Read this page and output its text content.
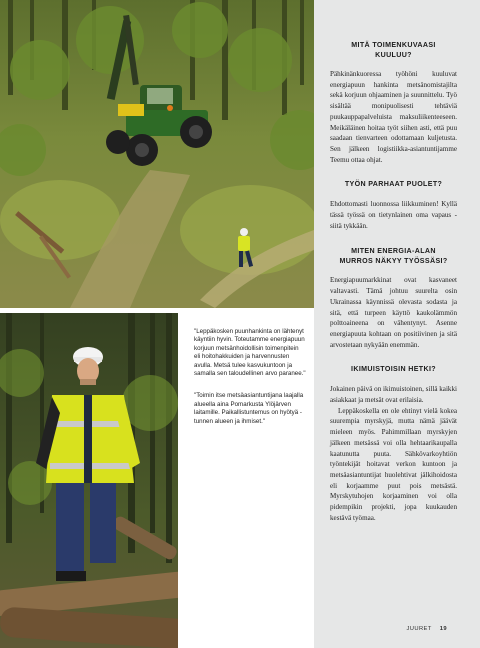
"Leppäkosken puunhankinta on lähtenyt käyntiin hyvin. Toteutamme energiapuun korjuun metsänhoidollisin toimenpitein eli hoitohakkuiden ja harvennusten avulla. Metsä tulee kasvukuntoon ja samalla sen taloudellinen arvo paranee."

"Toimin itse metsäasiantuntijana laajalla alueella aina Pomarkusta Ylöjärven laitamille. Paikallistuntemus on hyötyä - tunnen alueen ja ihmiset."

MITÄ TOIMENKUVAASI KUULUU?

Pähkinänkuoressa työhöni kuuluvat energiapuun hankinta metsänomistajilta sekä korjuun ohjaaminen ja suunnittelu. Työ sisältää monipuolisesti tehtäviä puukauppapalveluista maksuliikenteeseen. Meikäläinen hoitaa työt siihen asti, että puu saadaan tienvarteen odottamaan kuljetusta. Sen jälkeen logistiikka-asiantuntijamme Teemu ottaa ohjat.

TYÖN PARHAAT PUOLET?

Ehdottomasti luonnossa liikkuminen! Kyllä tässä työssä on tietynlainen oma vapaus - siitä tykkään.

MITEN ENERGIA-ALAN MURROS NÄKYY TYÖSSÄSI?

Energiapuumarkkinat ovat kasvaneet valtavasti. Tämä johtuu suurelta osin Ukrainassa käynnissä olevasta sodasta ja sitä, että turpeen käyttö kaukolämmön polttoaineena on vähentynyt. Asenne energiapuuta kohtaan on positiivinen ja sitä arvostetaan nykyään enemmän.

IKIMUISTOISIN HETKI?

Jokainen päivä on ikimuistoinen, sillä kaikki asiakkaat ja metsät ovat erilaisia.

Leppäkoskella en ole ehtinyt vielä kokea suurempia myrskyjä, mutta nämä jäävät mieleen myös. Pahimmillaan myrskyjen jälkeen metsässä voi olla hehtaarikaupalla kaatunutta puuta. Sähkövarkoyhtiön työntekijät hoitavat verkon kuntoon ja metsäasiantuntijat huolehtivat jälkihoidosta eli korjaamme puut pois metsästä. Myrskytuhojen korjaaminen voi olla pidempikin projekti, jopa kuukauden kestävä työmaa.

JUURET 19
